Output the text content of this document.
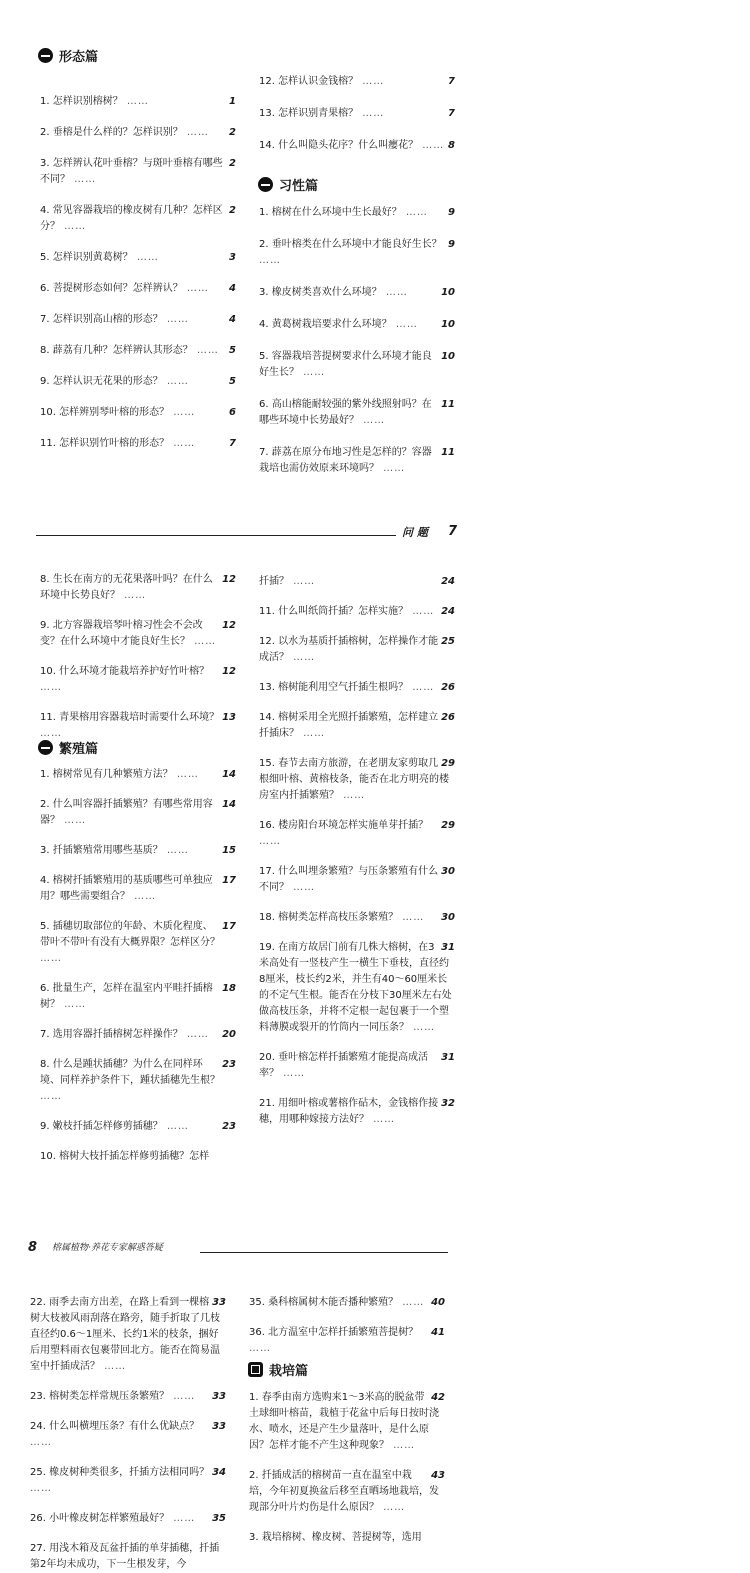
形态篇
1
1. 怎样识别榕树？ ……
2
2. 垂榕是什么样的？怎样识别？ ……
2
3. 怎样辨认花叶垂榕？与斑叶垂榕有哪些不同？ ……
2
4. 常见容器栽培的橡皮树有几种？怎样区分？ ……
3
5. 怎样识别黄葛树？ ……
4
6. 菩提树形态如何？怎样辨认？ ……
4
7. 怎样识别高山榕的形态？ ……
5
8. 薜荔有几种？怎样辨认其形态？ ……
5
9. 怎样认识无花果的形态？ ……
6
10. 怎样辨别琴叶榕的形态？ ……
7
11. 怎样识别竹叶榕的形态？ ……
7
12. 怎样认识金钱榕？ ……
7
13. 怎样识别青果榕？ ……
8
14. 什么叫隐头花序？什么叫瘿花？ ……
习性篇
9
1. 榕树在什么环境中生长最好？ ……
9
2. 垂叶榕类在什么环境中才能良好生长？ ……
10
3. 橡皮树类喜欢什么环境？ ……
10
4. 黄葛树栽培要求什么环境？ ……
10
5. 容器栽培菩提树要求什么环境才能良好生长？ ……
11
6. 高山榕能耐较强的紫外线照射吗？在哪些环境中长势最好？ ……
11
7. 薜荔在原分布地习性是怎样的？容器栽培也需仿效原来环境吗？ ……
问 题 7
12
8. 生长在南方的无花果落叶吗？在什么环境中长势良好？ ……
12
9. 北方容器栽培琴叶榕习性会不会改变？在什么环境中才能良好生长？ ……
12
10. 什么环境才能栽培养护好竹叶榕？ ……
13
11. 青果榕用容器栽培时需要什么环境？ ……
繁殖篇
14
1. 榕树常见有几种繁殖方法？ ……
14
2. 什么叫容器扦插繁殖？有哪些常用容器？ ……
15
3. 扦插繁殖常用哪些基质？ ……
17
4. 榕树扦插繁殖用的基质哪些可单独应用？哪些需要组合？ ……
17
5. 插穗切取部位的年龄、木质化程度、带叶不带叶有没有大概界限？怎样区分？ ……
18
6. 批量生产，怎样在温室内平畦扦插榕树？ ……
20
7. 选用容器扦插榕树怎样操作？ ……
23
8. 什么是踵状插穗？为什么在同样环境、同样养护条件下，踵状插穗先生根？ ……
23
9. 嫩枝扦插怎样修剪插穗？ ……
10. 榕树大枝扦插怎样修剪插穗？怎样
24
扦插？ ……
24
11. 什么叫纸筒扦插？怎样实施？ ……
25
12. 以水为基质扦插榕树，怎样操作才能成活？ ……
26
13. 榕树能利用空气扦插生根吗？ ……
26
14. 榕树采用全光照扦插繁殖，怎样建立扦插床？ ……
29
15. 春节去南方旅游，在老朋友家剪取几根细叶榕、黄榕枝条，能否在北方明亮的楼房室内扦插繁殖？ ……
29
16. 楼房阳台环境怎样实施单芽扦插？ ……
30
17. 什么叫埋条繁殖？与压条繁殖有什么不同？ ……
30
18. 榕树类怎样高枝压条繁殖？ ……
31
19. 在南方故居门前有几株大榕树，在3米高处有一竖枝产生一横生下垂枝，直径约8厘米，枝长约2米，并生有40～60厘米长的不定气生根。能否在分枝下30厘米左右处做高枝压条，并将不定根一起包裹于一个塑料薄膜或裂开的竹筒内一同压条？ ……
31
20. 垂叶榕怎样扦插繁殖才能提高成活率？ ……
32
21. 用细叶榕或薯榕作砧木，金钱榕作接穗，用哪种嫁接方法好？ ……
8 榕属植物·养花专家解惑答疑
33
22. 雨季去南方出差，在路上看到一棵榕树大枝被风雨刮落在路旁，随手折取了几枝直径约0.6～1厘米、长约1米的枝条，捆好后用塑料雨衣包裹带回北方。能否在简易温室中扦插成活？ ……
33
23. 榕树类怎样常规压条繁殖？ ……
33
24. 什么叫横埋压条？有什么优缺点？ ……
34
25. 橡皮树种类很多，扦插方法相同吗？ ……
35
26. 小叶橡皮树怎样繁殖最好？ ……
27. 用浅木箱及瓦盆扦插的单芽插穗，扦插第2年均未成功，下一生根发芽，今
40
35. 桑科榕属树木能否播种繁殖？ ……
41
36. 北方温室中怎样扦插繁殖菩提树？ ……
栽培篇
42
1. 春季由南方选购来1～3米高的脱盆带土球细叶榕苗，栽植于花盆中后每日按时浇水、喷水，还是产生少量落叶，是什么原因？怎样才能不产生这种现象？ ……
43
2. 扦插成活的榕树苗一直在温室中栽培，今年初夏换盆后移至直晒场地栽培，发现部分叶片灼伤是什么原因？ ……
3. 栽培榕树、橡皮树、菩提树等，选用
